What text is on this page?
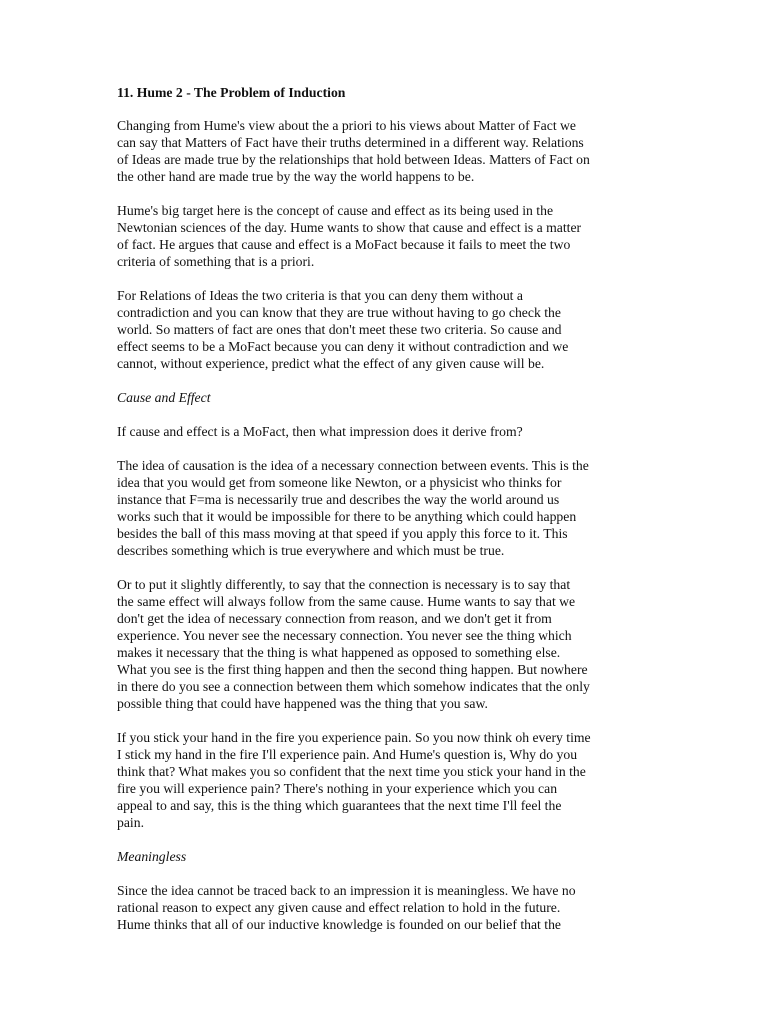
11. Hume 2 - The Problem of Induction
Changing from Hume's view about the a priori to his views about Matter of Fact we
can say that Matters of Fact have their truths determined in a different way. Relations
of Ideas are made true by the relationships that hold between Ideas. Matters of Fact on
the other hand are made true by the way the world happens to be.
Hume's big target here is the concept of cause and effect as its being used in the
Newtonian sciences of the day. Hume wants to show that cause and effect is a matter
of fact. He argues that cause and effect is a MoFact because it fails to meet the two
criteria of something that is a priori.
For Relations of Ideas the two criteria is that you can deny them without a
contradiction and you can know that they are true without having to go check the
world. So matters of fact are ones that don't meet these two criteria. So cause and
effect seems to be a MoFact because you can deny it without contradiction and we
cannot, without experience, predict what the effect of any given cause will be.
Cause and Effect
If cause and effect is a MoFact, then what impression does it derive from?
The idea of causation is the idea of a necessary connection between events. This is the
idea that you would get from someone like Newton, or a physicist who thinks for
instance that F=ma is necessarily true and describes the way the world around us
works such that it would be impossible for there to be anything which could happen
besides the ball of this mass moving at that speed if you apply this force to it. This
describes something which is true everywhere and which must be true.
Or to put it slightly differently, to say that the connection is necessary is to say that
the same effect will always follow from the same cause. Hume wants to say that we
don't get the idea of necessary connection from reason, and we don't get it from
experience. You never see the necessary connection. You never see the thing which
makes it necessary that the thing is what happened as opposed to something else.
What you see is the first thing happen and then the second thing happen. But nowhere
in there do you see a connection between them which somehow indicates that the only
possible thing that could have happened was the thing that you saw.
If you stick your hand in the fire you experience pain. So you now think oh every time
I stick my hand in the fire I'll experience pain. And Hume's question is, Why do you
think that? What makes you so confident that the next time you stick your hand in the
fire you will experience pain? There's nothing in your experience which you can
appeal to and say, this is the thing which guarantees that the next time I'll feel the
pain.
Meaningless
Since the idea cannot be traced back to an impression it is meaningless. We have no
rational reason to expect any given cause and effect relation to hold in the future.
Hume thinks that all of our inductive knowledge is founded on our belief that the
